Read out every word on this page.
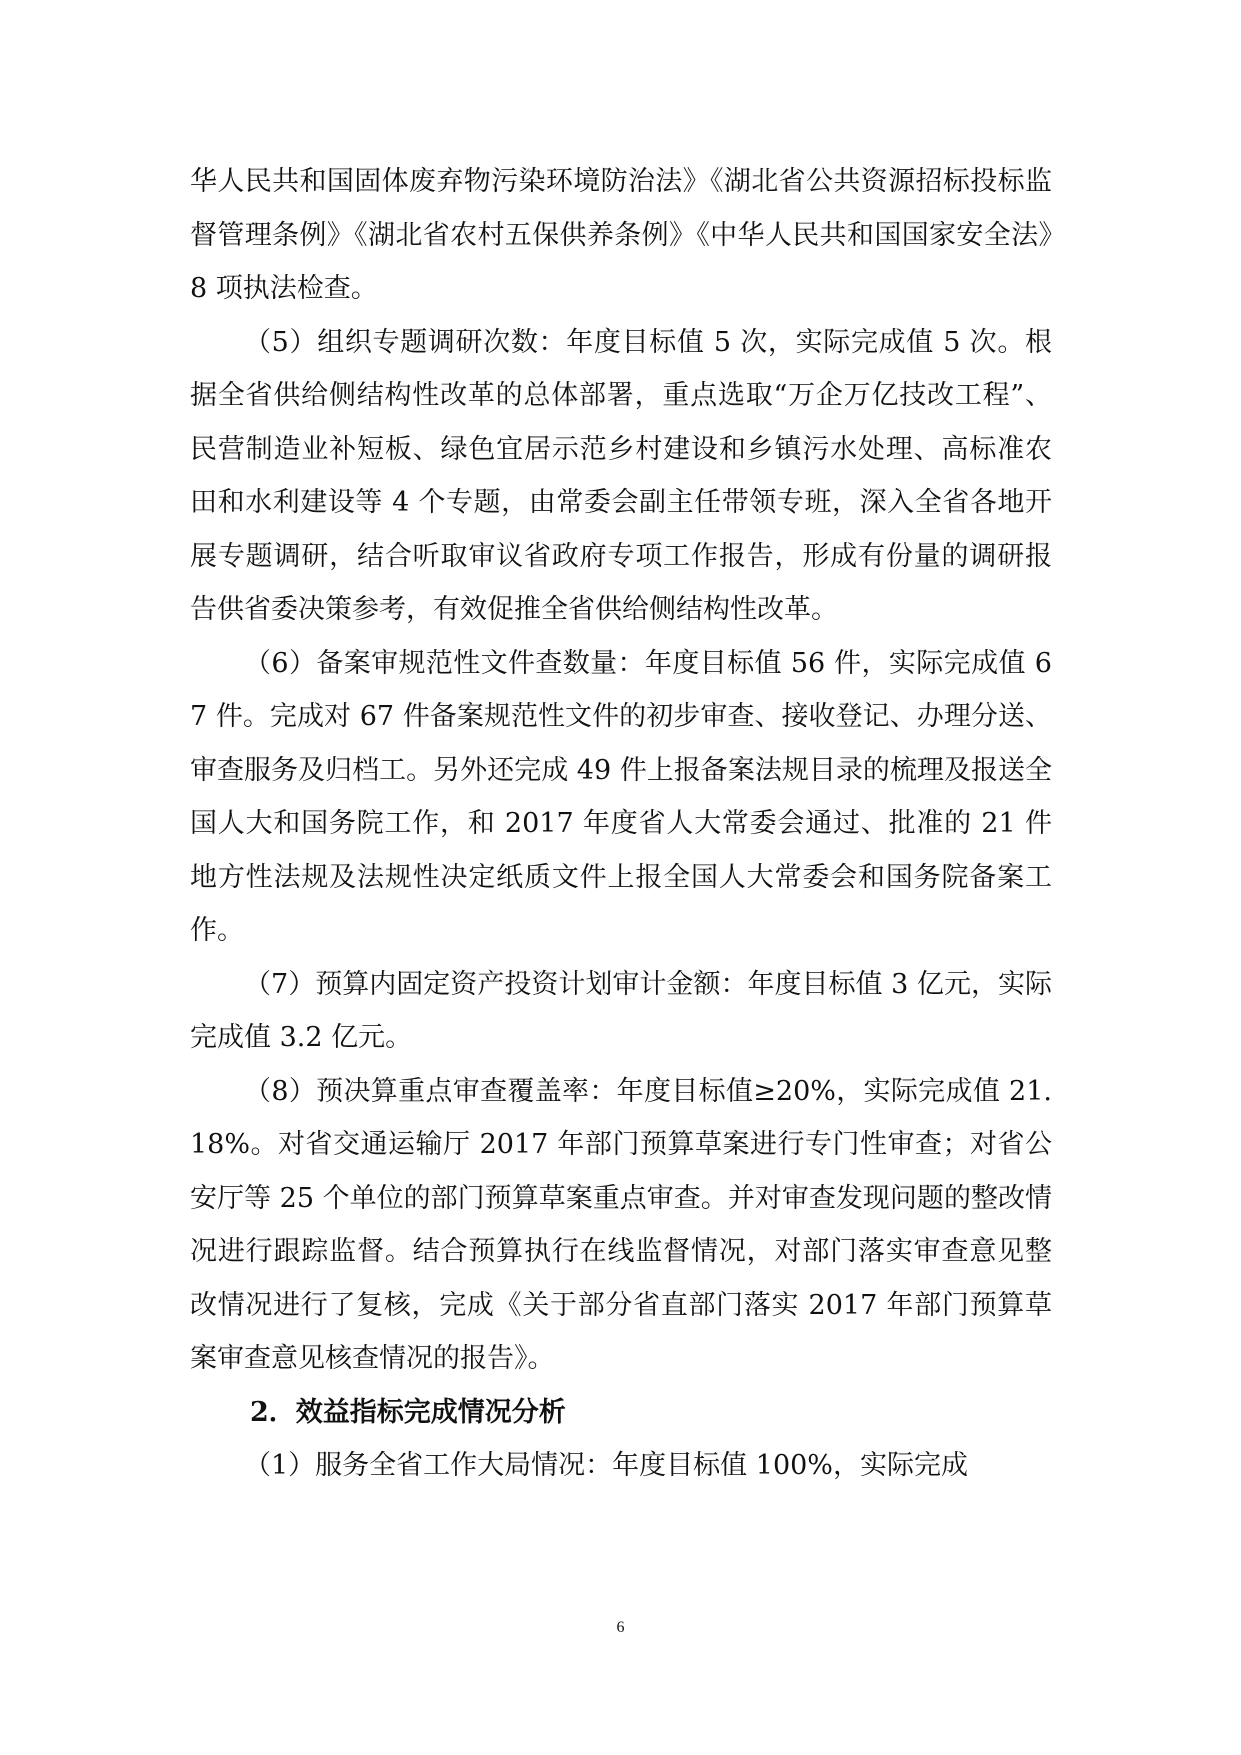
华人民共和国固体废弃物污染环境防治法》《湖北省公共资源招标投标监督管理条例》《湖北省农村五保供养条例》《中华人民共和国国家安全法》8 项执法检查。

（5）组织专题调研次数：年度目标值 5 次，实际完成值 5 次。根据全省供给侧结构性改革的总体部署，重点选取“万企万亿技改工程”、民营制造业补短板、绿色宜居示范乡村建设和乡镇污水处理、高标准农田和水利建设等 4 个专题，由常委会副主任带领专班，深入全省各地开展专题调研，结合听取审议省政府专项工作报告，形成有份量的调研报告供省委决策参考，有效促推全省供给侧结构性改革。

（6）备案审规范性文件查数量：年度目标值 56 件，实际完成值 67 件。完成对 67 件备案规范性文件的初步审查、接收登记、办理分送、审查服务及归档工。另外还完成 49 件上报备案法规目录的梳理及报送全国人大和国务院工作，和 2017 年度省人大常委会通过、批准的 21 件地方性法规及法规性决定纸质文件上报全国人大常委会和国务院备案工作。

（7）预算内固定资产投资计划审计金额：年度目标值 3 亿元，实际完成值 3.2 亿元。

（8）预决算重点审查覆盖率：年度目标值≥20%，实际完成值 21.18%。对省交通运输厅 2017 年部门预算草案进行专门性审查；对省公安厅等 25 个单位的部门预算草案重点审查。并对审查发现问题的整改情况进行跟踪监督。结合预算执行在线监督情况，对部门落实审查意见整改情况进行了复核，完成《关于部分省直部门落实 2017 年部门预算草案审查意见核查情况的报告》。

2．效益指标完成情况分析

（1）服务全省工作大局情况：年度目标值 100%，实际完成

6
